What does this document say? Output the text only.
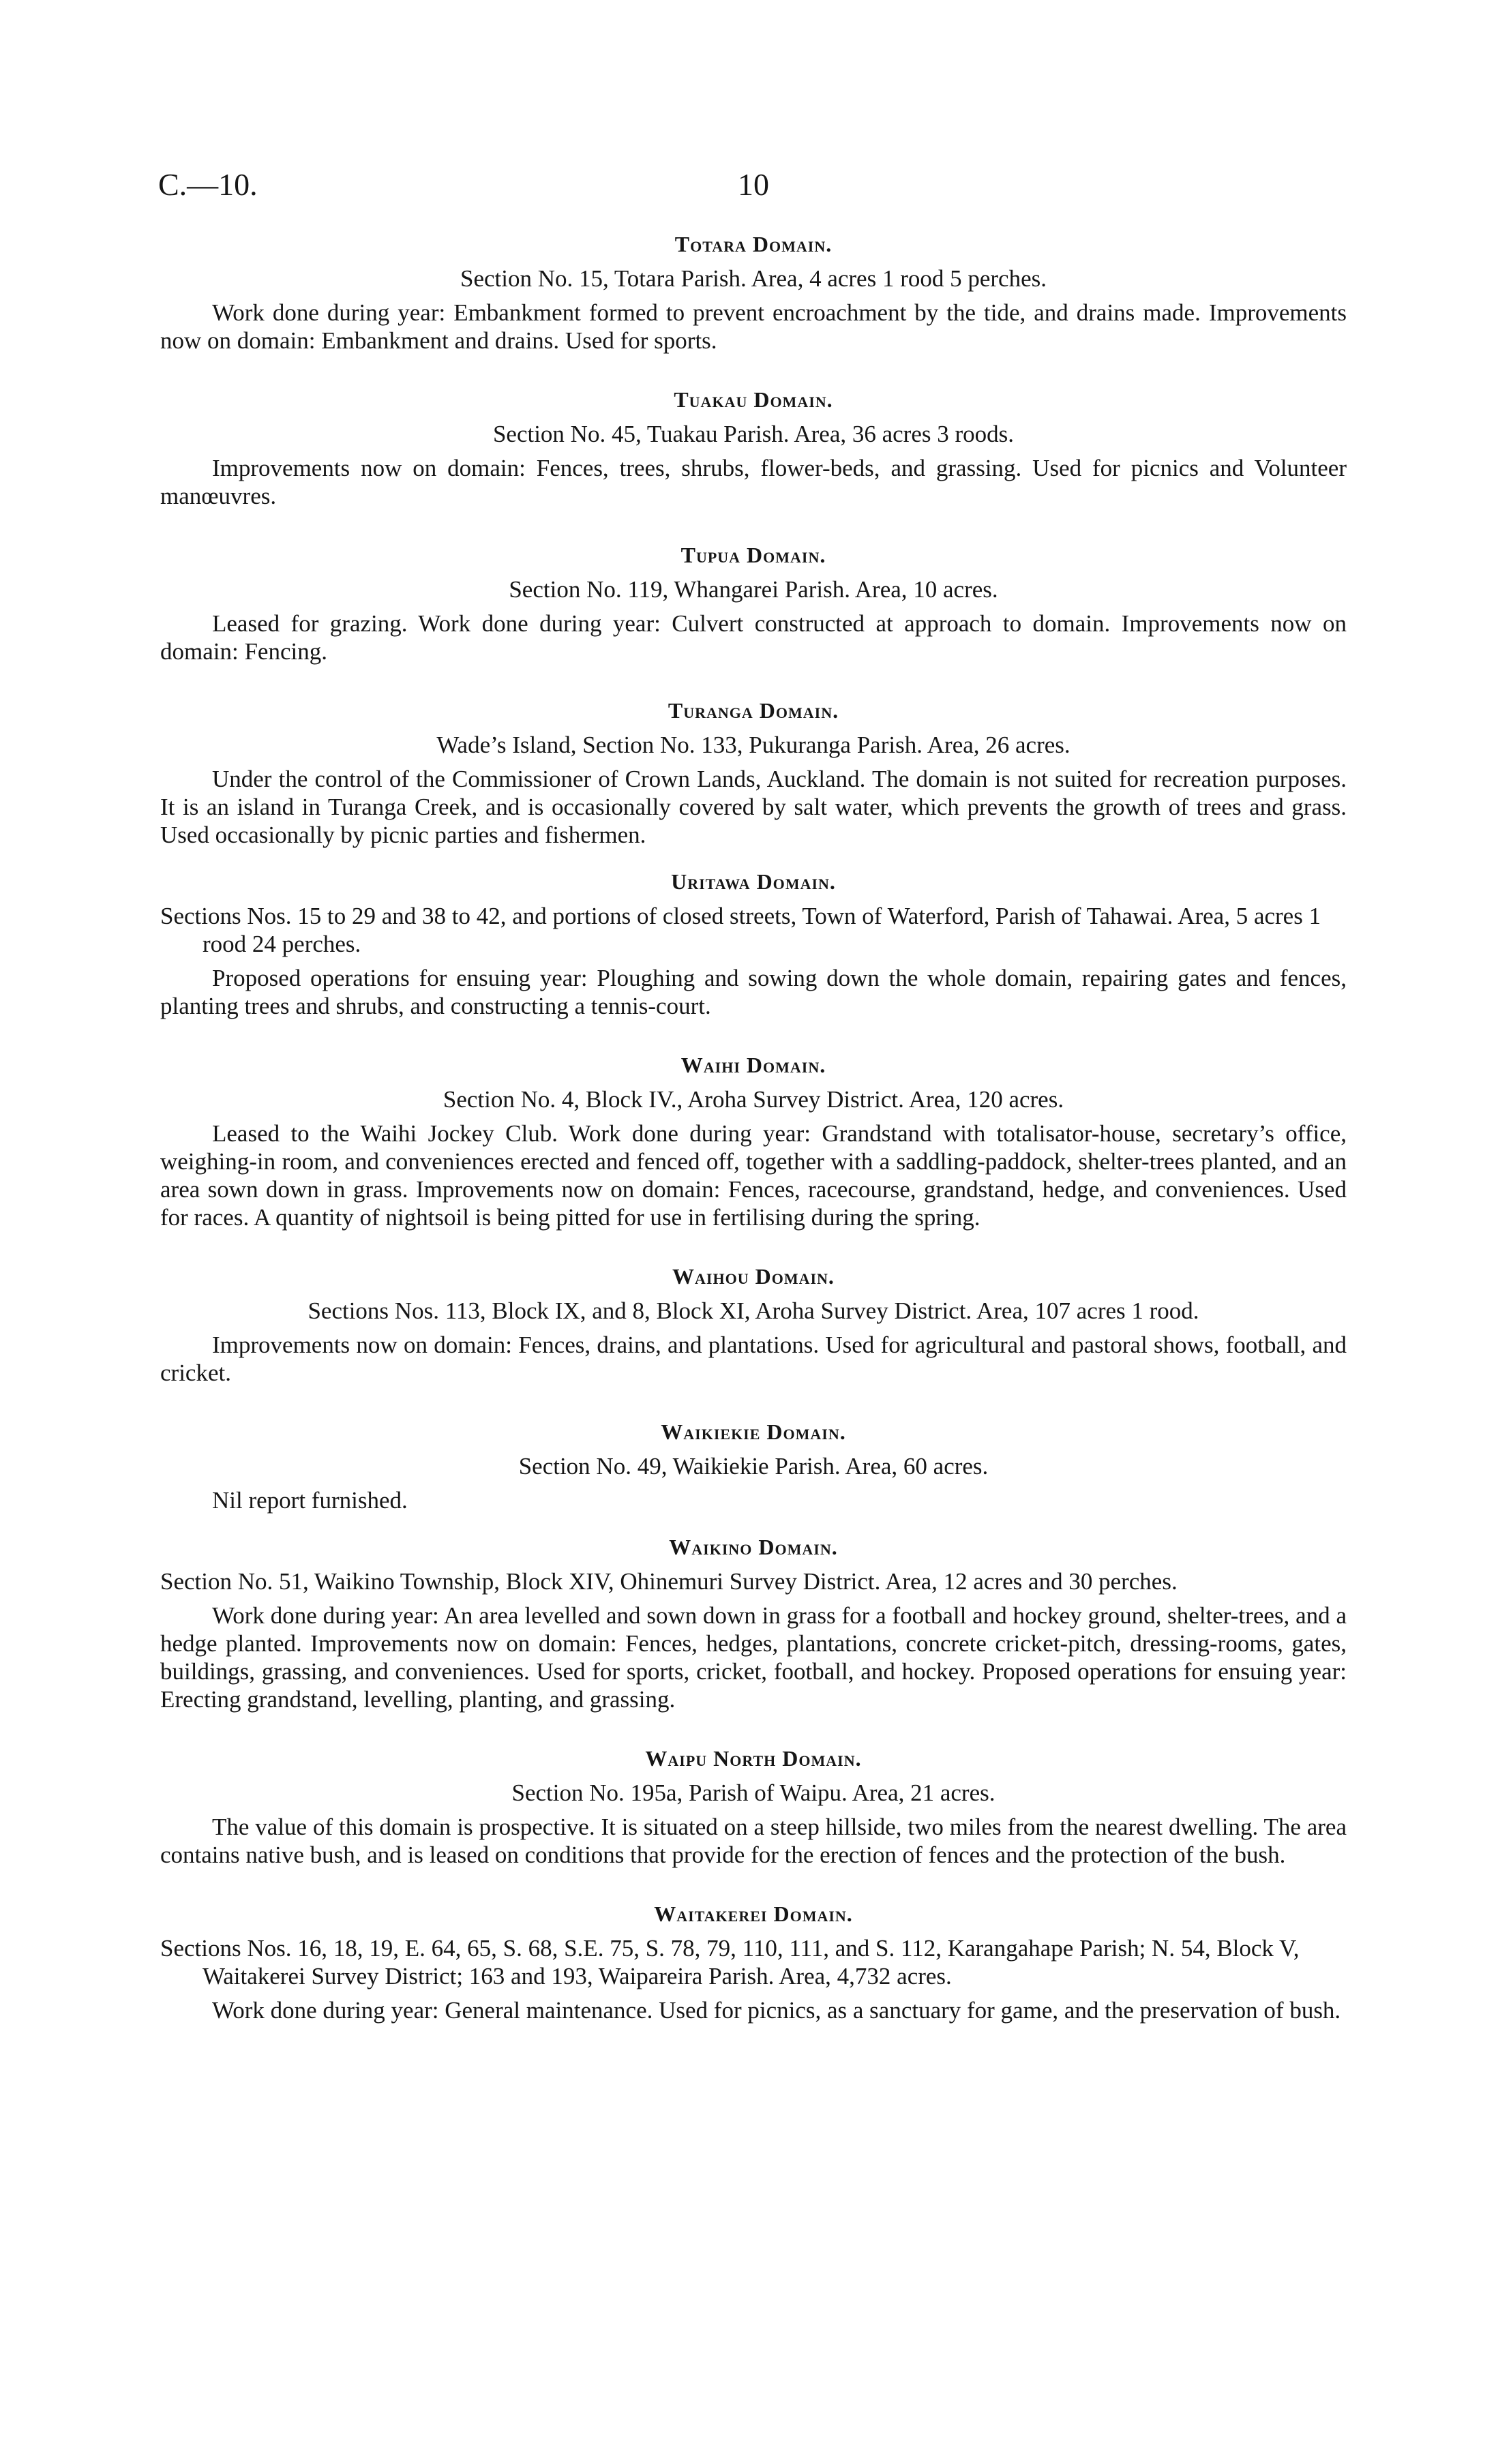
C.—10.	10
Totara Domain.
Section No. 15, Totara Parish. Area, 4 acres 1 rood 5 perches.

Work done during year: Embankment formed to prevent encroachment by the tide, and drains made. Improvements now on domain: Embankment and drains. Used for sports.

Tuakau Domain.
Section No. 45, Tuakau Parish. Area, 36 acres 3 roods.

Improvements now on domain: Fences, trees, shrubs, flower-beds, and grassing. Used for picnics and Volunteer manœuvres.

Tupua Domain.
Section No. 119, Whangarei Parish. Area, 10 acres.

Leased for grazing. Work done during year: Culvert constructed at approach to domain. Improvements now on domain: Fencing.

Turanga Domain.
Wade’s Island, Section No. 133, Pukuranga Parish. Area, 26 acres.

Under the control of the Commissioner of Crown Lands, Auckland. The domain is not suited for recreation purposes. It is an island in Turanga Creek, and is occasionally covered by salt water, which prevents the growth of trees and grass. Used occasionally by picnic parties and fishermen.

Uritawa Domain.
Sections Nos. 15 to 29 and 38 to 42, and portions of closed streets, Town of Waterford, Parish of Tahawai. Area, 5 acres 1 rood 24 perches.

Proposed operations for ensuing year: Ploughing and sowing down the whole domain, repairing gates and fences, planting trees and shrubs, and constructing a tennis-court.

Waihi Domain.
Section No. 4, Block IV., Aroha Survey District. Area, 120 acres.

Leased to the Waihi Jockey Club. Work done during year: Grandstand with totalisator-house, secretary’s office, weighing-in room, and conveniences erected and fenced off, together with a saddling-paddock, shelter-trees planted, and an area sown down in grass. Improvements now on domain: Fences, racecourse, grandstand, hedge, and conveniences. Used for races. A quantity of nightsoil is being pitted for use in fertilising during the spring.

Waihou Domain.
Sections Nos. 113, Block IX, and 8, Block XI, Aroha Survey District. Area, 107 acres 1 rood.

Improvements now on domain: Fences, drains, and plantations. Used for agricultural and pastoral shows, football, and cricket.

Waikiekie Domain.
Section No. 49, Waikiekie Parish. Area, 60 acres.

Nil report furnished.

Waikino Domain.
Section No. 51, Waikino Township, Block XIV, Ohinemuri Survey District. Area, 12 acres and 30 perches.

Work done during year: An area levelled and sown down in grass for a football and hockey ground, shelter-trees, and a hedge planted. Improvements now on domain: Fences, hedges, plantations, concrete cricket-pitch, dressing-rooms, gates, buildings, grassing, and conveniences. Used for sports, cricket, football, and hockey. Proposed operations for ensuing year: Erecting grandstand, levelling, planting, and grassing.

Waipu North Domain.
Section No. 195a, Parish of Waipu. Area, 21 acres.

The value of this domain is prospective. It is situated on a steep hillside, two miles from the nearest dwelling. The area contains native bush, and is leased on conditions that provide for the erection of fences and the protection of the bush.

Waitakerei Domain.
Sections Nos. 16, 18, 19, E. 64, 65, S. 68, S.E. 75, S. 78, 79, 110, 111, and S. 112, Karangahape Parish; N. 54, Block V, Waitakerei Survey District; 163 and 193, Waipareira Parish. Area, 4,732 acres.

Work done during year: General maintenance. Used for picnics, as a sanctuary for game, and the preservation of bush.
